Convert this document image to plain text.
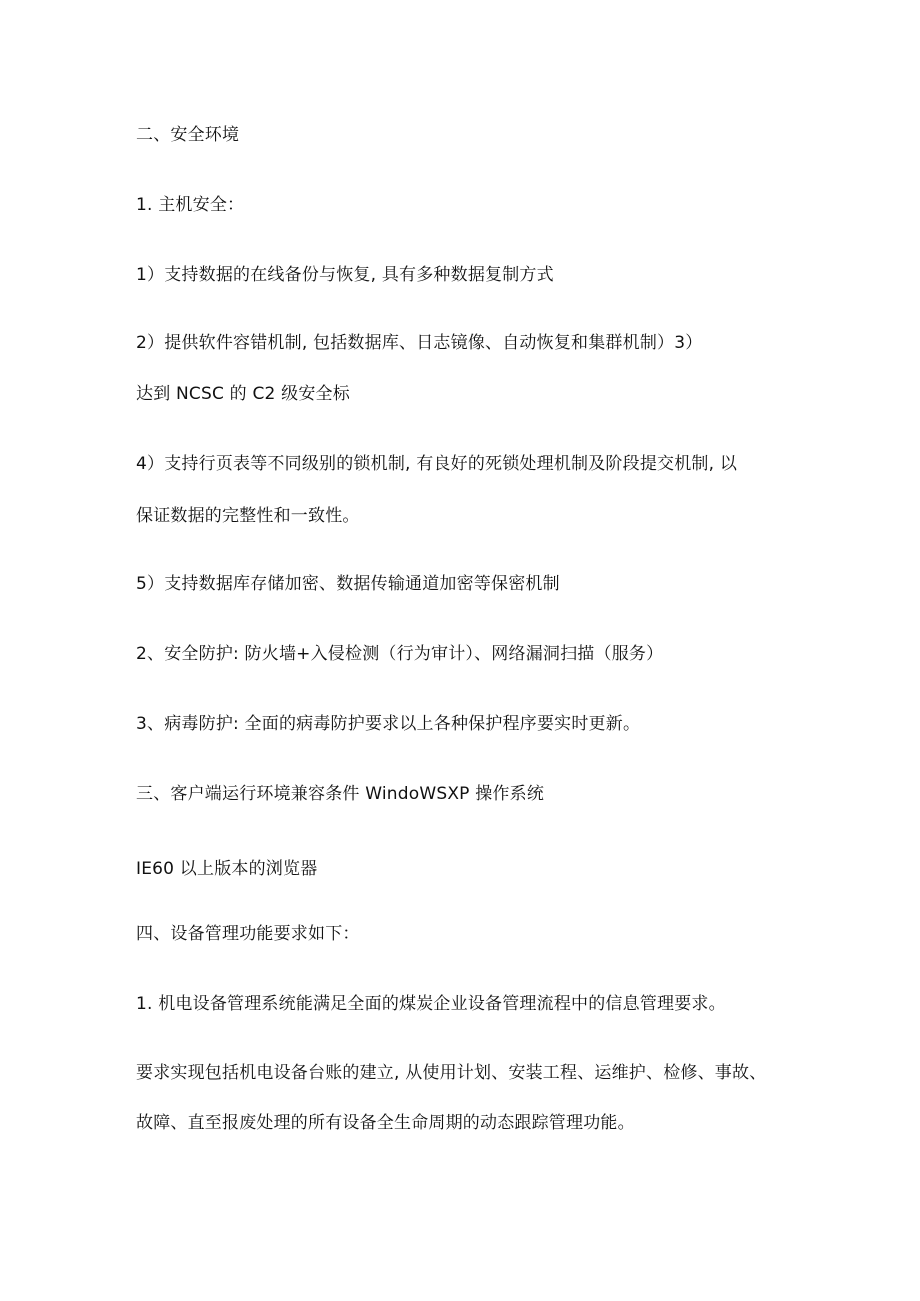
二、安全环境

1. 主机安全：

1）支持数据的在线备份与恢复, 具有多种数据复制方式

2）提供软件容错机制, 包括数据库、日志镜像、自动恢复和集群机制）3）

达到 NCSC 的 C2 级安全标

4）支持行页表等不同级别的锁机制, 有良好的死锁处理机制及阶段提交机制, 以

保证数据的完整性和一致性。

5）支持数据库存储加密、数据传输通道加密等保密机制

2、安全防护: 防火墙+入侵检测（行为审计）、网络漏洞扫描（服务）

3、病毒防护: 全面的病毒防护要求以上各种保护程序要实时更新。

三、客户端运行环境兼容条件 WindoWSXP 操作系统

IE60 以上版本的浏览器

四、设备管理功能要求如下：

1. 机电设备管理系统能满足全面的煤炭企业设备管理流程中的信息管理要求。

要求实现包括机电设备台账的建立, 从使用计划、安装工程、运维护、检修、事故、

故障、直至报废处理的所有设备全生命周期的动态跟踪管理功能。
